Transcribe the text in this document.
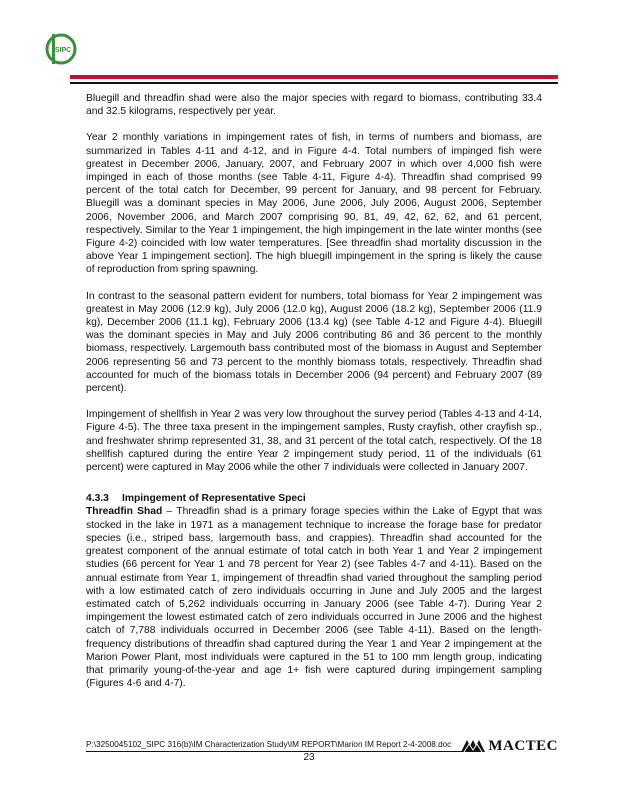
SIPC

Bluegill and threadfin shad were also the major species with regard to biomass, contributing 33.4 and 32.5 kilograms, respectively per year.

Year 2 monthly variations in impingement rates of fish, in terms of numbers and biomass, are summarized in Tables 4-11 and 4-12, and in Figure 4-4. Total numbers of impinged fish were greatest in December 2006, January, 2007, and February 2007 in which over 4,000 fish were impinged in each of those months (see Table 4-11, Figure 4-4). Threadfin shad comprised 99 percent of the total catch for December, 99 percent for January, and 98 percent for February. Bluegill was a dominant species in May 2006, June 2006, July 2006, August 2006, September 2006, November 2006, and March 2007 comprising 90, 81, 49, 42, 62, 62, and 61 percent, respectively. Similar to the Year 1 impingement, the high impingement in the late winter months (see Figure 4-2) coincided with low water temperatures. [See threadfin shad mortality discussion in the above Year 1 impingement section]. The high bluegill impingement in the spring is likely the cause of reproduction from spring spawning.

In contrast to the seasonal pattern evident for numbers, total biomass for Year 2 impingement was greatest in May 2006 (12.9 kg), July 2006 (12.0 kg), August 2006 (18.2 kg), September 2006 (11.9 kg), December 2006 (11.1 kg), February 2006 (13.4 kg) (see Table 4-12 and Figure 4-4). Bluegill was the dominant species in May and July 2006 contributing 86 and 36 percent to the monthly biomass, respectively. Largemouth bass contributed most of the biomass in August and September 2006 representing 56 and 73 percent to the monthly biomass totals, respectively. Threadfin shad accounted for much of the biomass totals in December 2006 (94 percent) and February 2007 (89 percent).

Impingement of shellfish in Year 2 was very low throughout the survey period (Tables 4-13 and 4-14, Figure 4-5). The three taxa present in the impingement samples, Rusty crayfish, other crayfish sp., and freshwater shrimp represented 31, 38, and 31 percent of the total catch, respectively. Of the 18 shellfish captured during the entire Year 2 impingement study period, 11 of the individuals (61 percent) were captured in May 2006 while the other 7 individuals were collected in January 2007.

4.3.3 Impingement of Representative Speci

Threadfin Shad – Threadfin shad is a primary forage species within the Lake of Egypt that was stocked in the lake in 1971 as a management technique to increase the forage base for predator species (i.e., striped bass, largemouth bass, and crappies). Threadfin shad accounted for the greatest component of the annual estimate of total catch in both Year 1 and Year 2 impingement studies (66 percent for Year 1 and 78 percent for Year 2) (see Tables 4-7 and 4-11). Based on the annual estimate from Year 1, impingement of threadfin shad varied throughout the sampling period with a low estimated catch of zero individuals occurring in June and July 2005 and the largest estimated catch of 5,262 individuals occurring in January 2006 (see Table 4-7). During Year 2 impingement the lowest estimated catch of zero individuals occurred in June 2006 and the highest catch of 7,788 individuals occurred in December 2006 (see Table 4-11). Based on the length-frequency distributions of threadfin shad captured during the Year 1 and Year 2 impingement at the Marion Power Plant, most individuals were captured in the 51 to 100 mm length group, indicating that primarily young-of-the-year and age 1+ fish were captured during impingement sampling (Figures 4-6 and 4-7).

P:\3250045102_SIPC 316(b)\IM Characterization Study\IM REPORT\Marion IM Report 2-4-2008.doc
23
MACTEC
